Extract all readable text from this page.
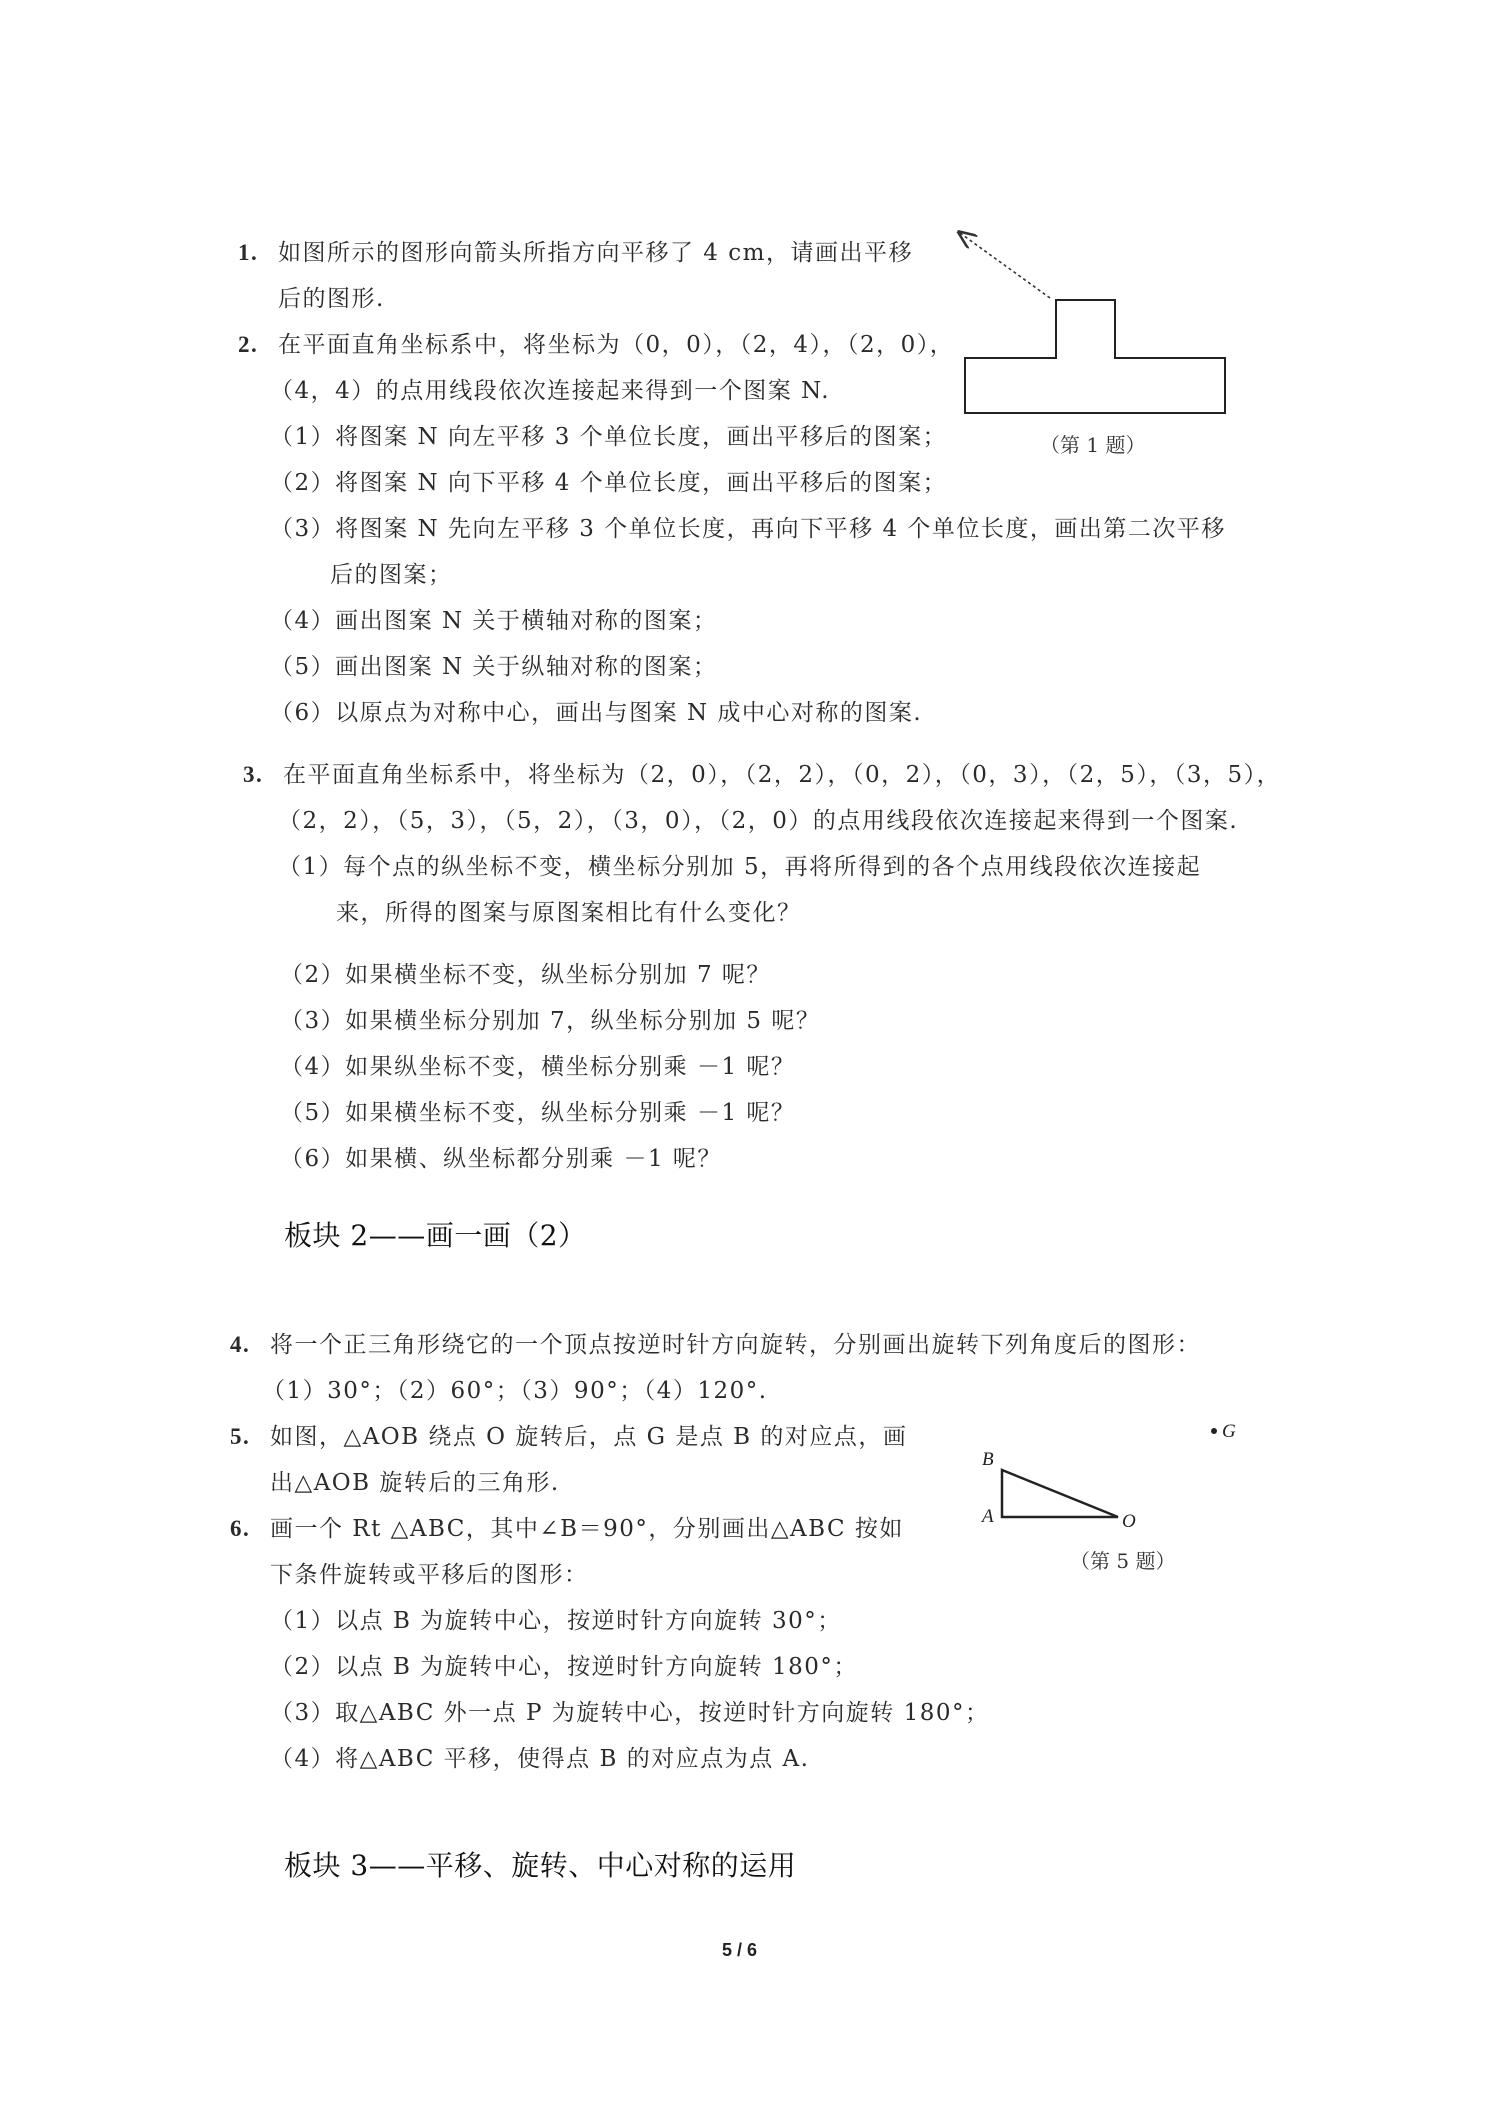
1. 如图所示的图形向箭头所指方向平移了 4 cm，请画出平移
后的图形.
（第 1 题）
2. 在平面直角坐标系中，将坐标为（0，0），（2，4），（2，0），
（4，4）的点用线段依次连接起来得到一个图案 N.
（1）将图案 N 向左平移 3 个单位长度，画出平移后的图案；
（2）将图案 N 向下平移 4 个单位长度，画出平移后的图案；
（3）将图案 N 先向左平移 3 个单位长度，再向下平移 4 个单位长度，画出第二次平移
后的图案；
（4）画出图案 N 关于横轴对称的图案；
（5）画出图案 N 关于纵轴对称的图案；
（6）以原点为对称中心，画出与图案 N 成中心对称的图案.
3. 在平面直角坐标系中，将坐标为（2，0），（2，2），（0，2），（0，3），（2，5），（3，5），
（2，2），（5，3），（5，2），（3，0），（2，0）的点用线段依次连接起来得到一个图案.
（1）每个点的纵坐标不变，横坐标分别加 5，再将所得到的各个点用线段依次连接起
来，所得的图案与原图案相比有什么变化？
（2）如果横坐标不变，纵坐标分别加 7 呢？
（3）如果横坐标分别加 7，纵坐标分别加 5 呢？
（4）如果纵坐标不变，横坐标分别乘 －1 呢？
（5）如果横坐标不变，纵坐标分别乘 －1 呢？
（6）如果横、纵坐标都分别乘 －1 呢？
板块 2——画一画（2）
4. 将一个正三角形绕它的一个顶点按逆时针方向旋转，分别画出旋转下列角度后的图形：
（1）30°；（2）60°；（3）90°；（4）120°.
5. 如图，△AOB 绕点 O 旋转后，点 G 是点 B 的对应点，画
出△AOB 旋转后的三角形.
B
A	O
G
（第 5 题）
6. 画一个 Rt △ABC，其中∠B＝90°，分别画出△ABC 按如
下条件旋转或平移后的图形：
（1）以点 B 为旋转中心，按逆时针方向旋转 30°；
（2）以点 B 为旋转中心，按逆时针方向旋转 180°；
（3）取△ABC 外一点 P 为旋转中心，按逆时针方向旋转 180°；
（4）将△ABC 平移，使得点 B 的对应点为点 A.
板块 3——平移、旋转、中心对称的运用
5 / 6
